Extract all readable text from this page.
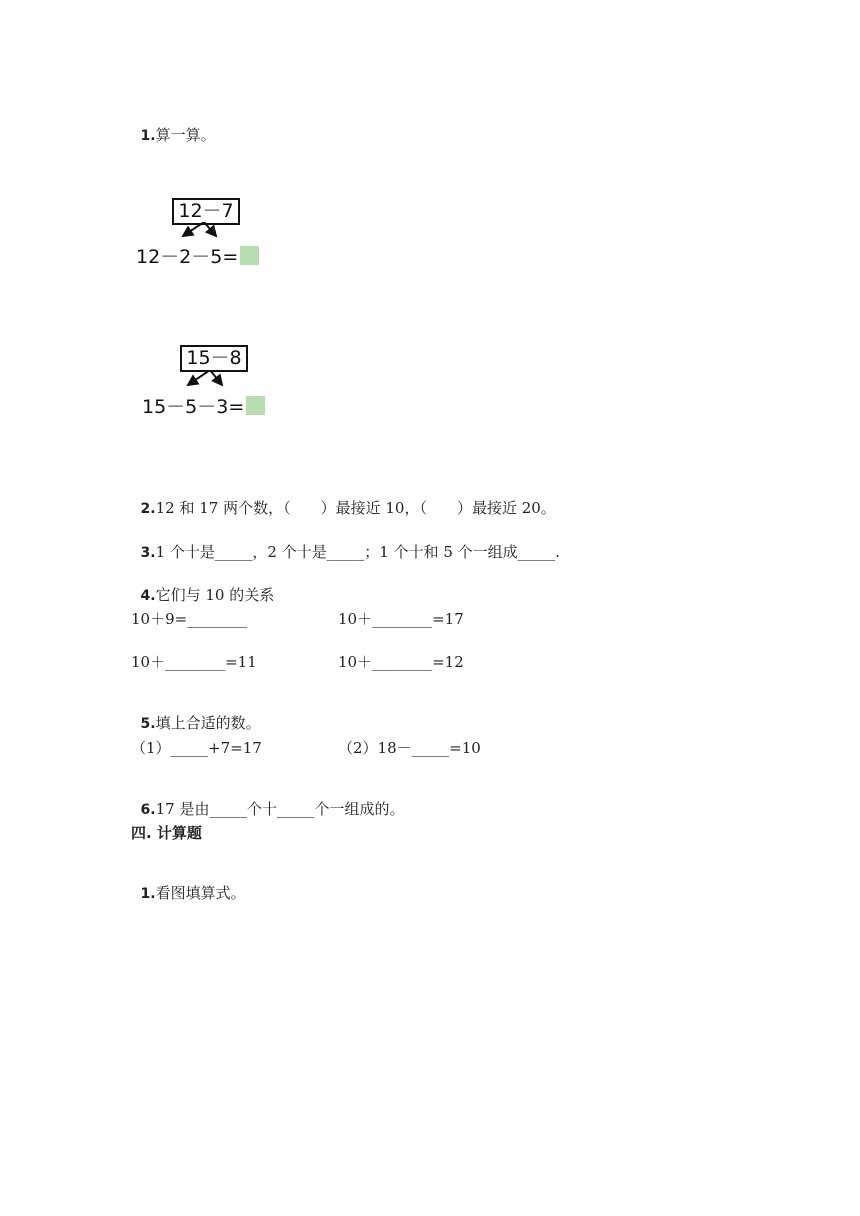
1.算一算。

12－7
12－2－5=
15－8
15－5－3=

2.12 和 17 两个数，（　　）最接近 10，（　　）最接近 20。

3.1 个十是_____，2 个十是_____；1 个十和 5 个一组成_____.

4.它们与 10 的关系

10＋9=________	10＋________=17
10＋________=11	10＋________=12

5.填上合适的数。

（1）_____+7=17	（2）18－_____=10

6.17 是由_____个十_____个一组成的。

四. 计算题

1.看图填算式。
